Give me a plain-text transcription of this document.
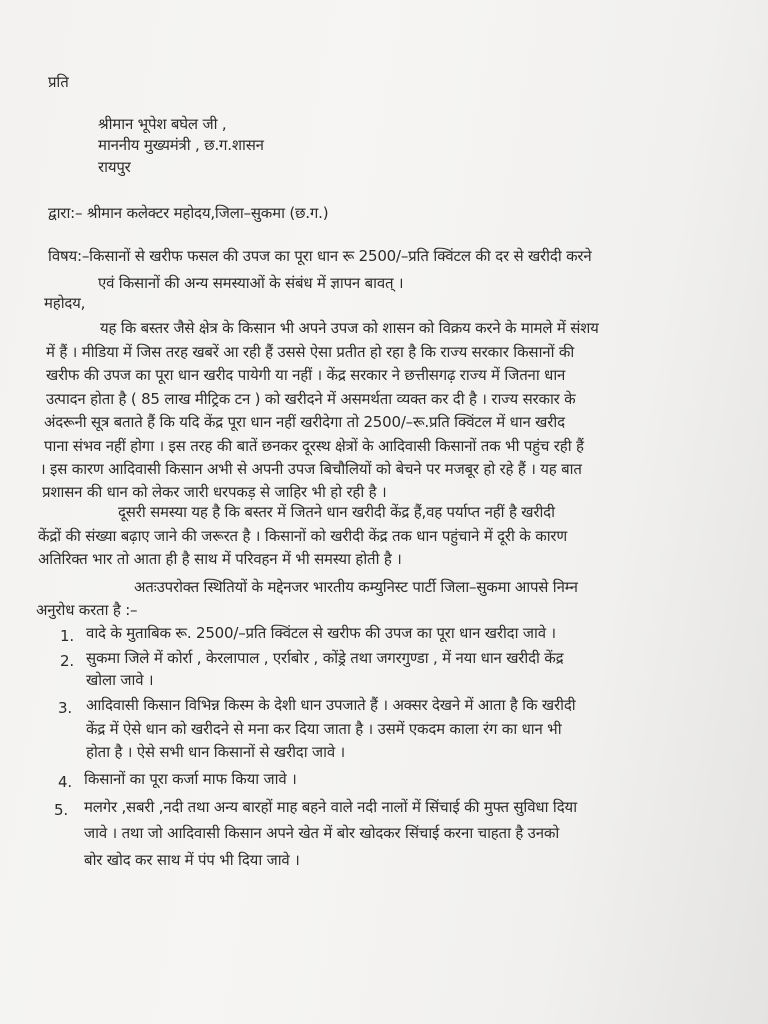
प्रति
श्रीमान भूपेश बघेल जी ,
माननीय मुख्यमंत्री , छ.ग.शासन
रायपुर
द्वारा:– श्रीमान कलेक्टर महोदय,जिला–सुकमा (छ.ग.)
विषय:–किसानों से खरीफ फसल की उपज का पूरा धान रू 2500/–प्रति क्विंटल की दर से खरीदी करने
एवं किसानों की अन्य समस्याओं के संबंध में ज्ञापन बावत् ।
महोदय,
यह कि बस्तर जैसे क्षेत्र के किसान भी अपने उपज को शासन को विक्रय करने के मामले में संशय
में हैं । मीडिया में जिस तरह खबरें आ रही हैं उससे ऐसा प्रतीत हो रहा है कि राज्य सरकार किसानों की
खरीफ की उपज का पूरा धान खरीद पायेगी या नहीं । केंद्र सरकार ने छत्तीसगढ़ राज्य में जितना धान
उत्पादन होता है ( 85 लाख मीट्रिक टन ) को खरीदने में असमर्थता व्यक्त कर दी है । राज्य सरकार के
अंदरूनी सूत्र बताते हैं कि यदि केंद्र पूरा धान नहीं खरीदेगा तो 2500/–रू.प्रति क्विंटल में धान खरीद
पाना संभव नहीं होगा । इस तरह की बातें छनकर दूरस्थ क्षेत्रों के आदिवासी किसानों तक भी पहुंच रही हैं
। इस कारण आदिवासी किसान अभी से अपनी उपज बिचौलियों को बेचने पर मजबूर हो रहे हैं । यह बात
प्रशासन की धान को लेकर जारी धरपकड़ से जाहिर भी हो रही है ।
दूसरी समस्या यह है कि बस्तर में जितने धान खरीदी केंद्र हैं,वह पर्याप्त नहीं है खरीदी
केंद्रों की संख्या बढ़ाए जाने की जरूरत है । किसानों को खरीदी केंद्र तक धान पहुंचाने में दूरी के कारण
अतिरिक्त भार तो आता ही है साथ में परिवहन में भी समस्या होती है ।
अतःउपरोक्त स्थितियों के मद्देनजर भारतीय कम्युनिस्ट पार्टी जिला–सुकमा आपसे निम्न
अनुरोध करता है :–
1. वादे के मुताबिक रू. 2500/–प्रति क्विंटल से खरीफ की उपज का पूरा धान खरीदा जावे ।
2. सुकमा जिले में कोर्रा , केरलापाल , एर्राबोर , कोंड्रे तथा जगरगुण्डा , में नया धान खरीदी केंद्र
खोला जावे ।
3. आदिवासी किसान विभिन्न किस्म के देशी धान उपजाते हैं । अक्सर देखने में आता है कि खरीदी
केंद्र में ऐसे धान को खरीदने से मना कर दिया जाता है । उसमें एकदम काला रंग का धान भी
होता है । ऐसे सभी धान किसानों से खरीदा जावे ।
4. किसानों का पूरा कर्जा माफ किया जावे ।
5. मलगेर ,सबरी ,नदी तथा अन्य बारहों माह बहने वाले नदी नालों में सिंचाई की मुफ्त सुविधा दिया
जावे । तथा जो आदिवासी किसान अपने खेत में बोर खोदकर सिंचाई करना चाहता है उनको
बोर खोद कर साथ में पंप भी दिया जावे ।
